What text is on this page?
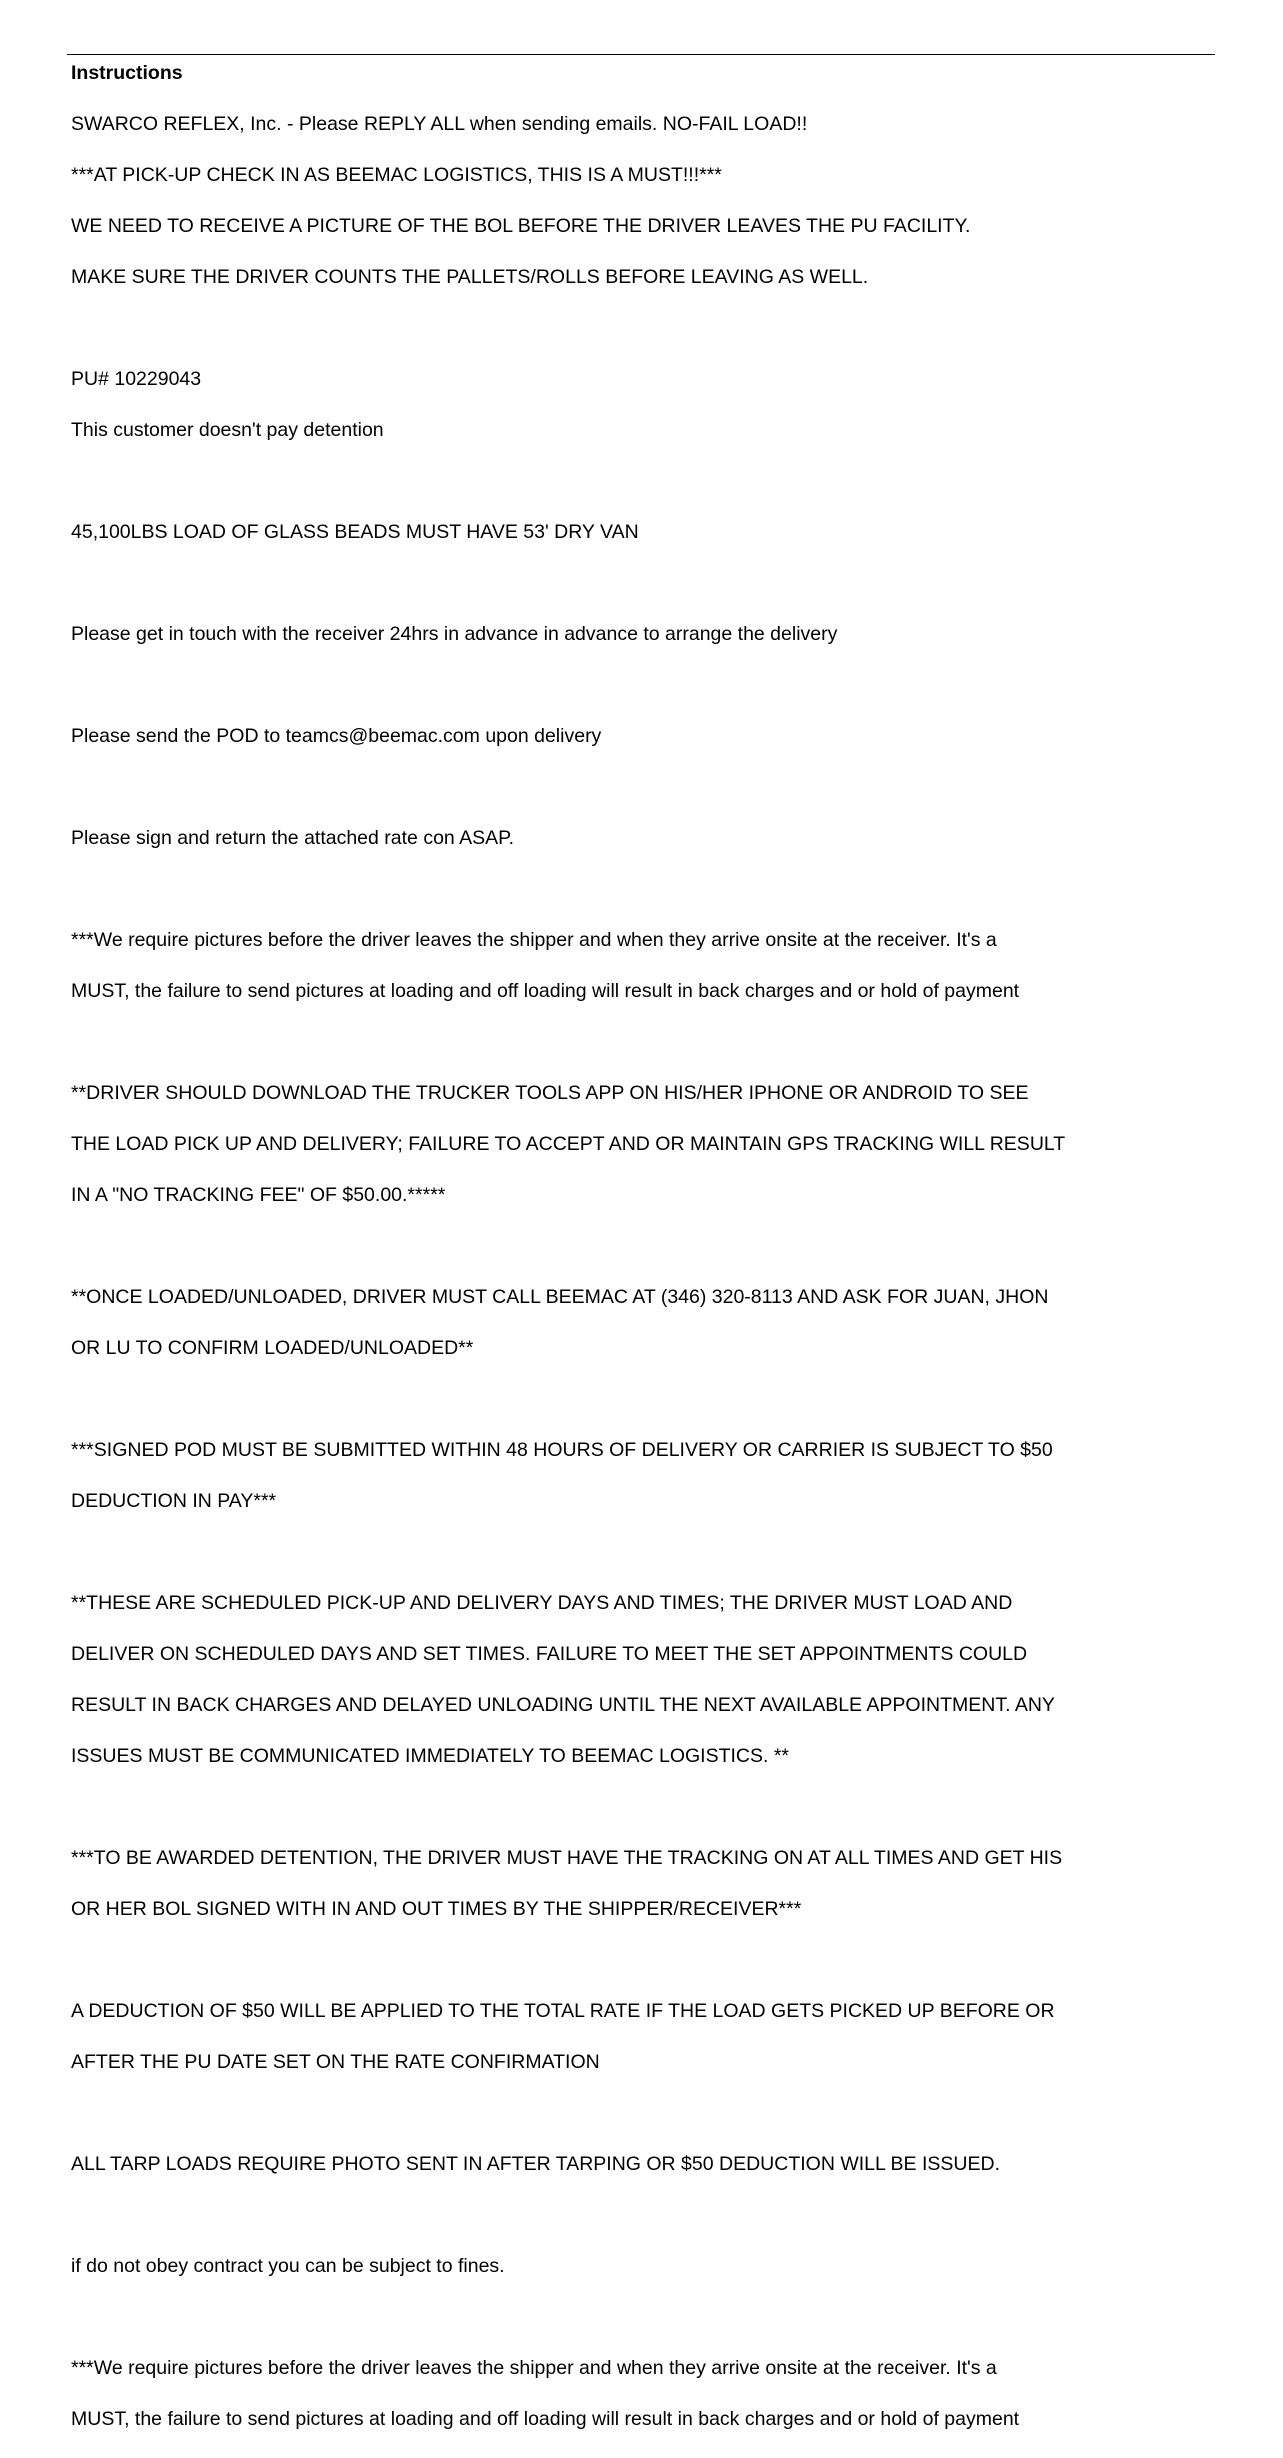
Instructions

SWARCO REFLEX, Inc. - Please REPLY ALL when sending emails. NO-FAIL LOAD!!

***AT PICK-UP CHECK IN AS BEEMAC LOGISTICS, THIS IS A MUST!!!***

WE NEED TO RECEIVE A PICTURE OF THE BOL BEFORE THE DRIVER LEAVES THE PU FACILITY.

MAKE SURE THE DRIVER COUNTS THE PALLETS/ROLLS BEFORE LEAVING AS WELL.

PU# 10229043

This customer doesn't pay detention

45,100LBS LOAD OF GLASS BEADS MUST HAVE 53' DRY VAN

Please get in touch with the receiver 24hrs in advance in advance to arrange the delivery

Please send the POD to teamcs@beemac.com upon delivery

Please sign and return the attached rate con ASAP.

***We require pictures before the driver leaves the shipper and when they arrive onsite at the receiver. It's a

MUST, the failure to send pictures at loading and off loading will result in back charges and or hold of payment

**DRIVER SHOULD DOWNLOAD THE TRUCKER TOOLS APP ON HIS/HER IPHONE OR ANDROID TO SEE

THE LOAD PICK UP AND DELIVERY; FAILURE TO ACCEPT AND OR MAINTAIN GPS TRACKING WILL RESULT

IN A "NO TRACKING FEE" OF $50.00.*****

**ONCE LOADED/UNLOADED, DRIVER MUST CALL BEEMAC AT (346) 320-8113 AND ASK FOR JUAN, JHON

OR LU TO CONFIRM LOADED/UNLOADED**

***SIGNED POD MUST BE SUBMITTED WITHIN 48 HOURS OF DELIVERY OR CARRIER IS SUBJECT TO $50

DEDUCTION IN PAY***

**THESE ARE SCHEDULED PICK-UP AND DELIVERY DAYS AND TIMES; THE DRIVER MUST LOAD AND

DELIVER ON SCHEDULED DAYS AND SET TIMES. FAILURE TO MEET THE SET APPOINTMENTS COULD

RESULT IN BACK CHARGES AND DELAYED UNLOADING UNTIL THE NEXT AVAILABLE APPOINTMENT. ANY

ISSUES MUST BE COMMUNICATED IMMEDIATELY TO BEEMAC LOGISTICS. **

***TO BE AWARDED DETENTION, THE DRIVER MUST HAVE THE TRACKING ON AT ALL TIMES AND GET HIS

OR HER BOL SIGNED WITH IN AND OUT TIMES BY THE SHIPPER/RECEIVER***

A DEDUCTION OF $50 WILL BE APPLIED TO THE TOTAL RATE IF THE LOAD GETS PICKED UP BEFORE OR

AFTER THE PU DATE SET ON THE RATE CONFIRMATION

ALL TARP LOADS REQUIRE PHOTO SENT IN AFTER TARPING OR $50 DEDUCTION WILL BE ISSUED.

if do not obey contract you can be subject to fines.

***We require pictures before the driver leaves the shipper and when they arrive onsite at the receiver. It's a

MUST, the failure to send pictures at loading and off loading will result in back charges and or hold of payment
